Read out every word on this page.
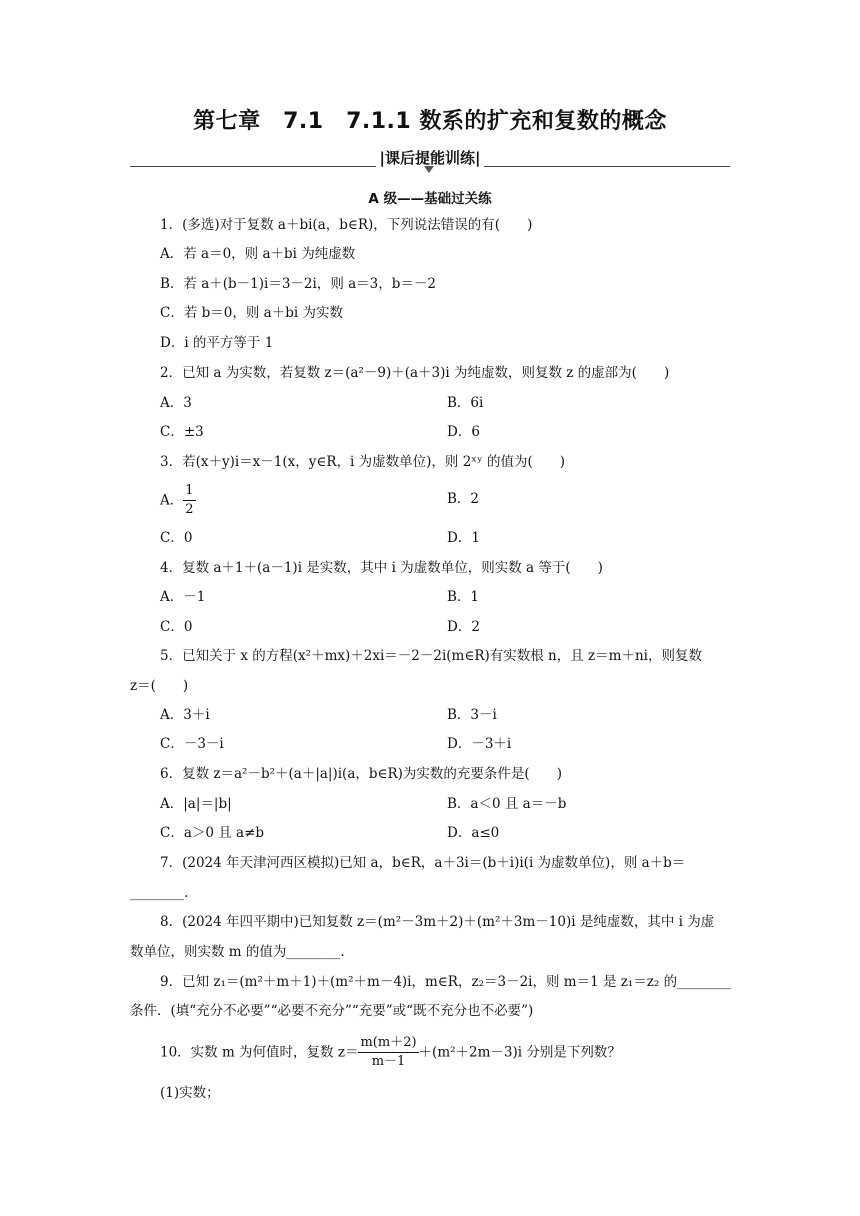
第七章　7.1　7.1.1 数系的扩充和复数的概念
|课后提能训练|
A 级——基础过关练
1．(多选)对于复数 a＋bi(a，b∈R)，下列说法错误的有(　　)
A．若 a＝0，则 a＋bi 为纯虚数
B．若 a＋(b－1)i＝3－2i，则 a＝3，b＝－2
C．若 b＝0，则 a＋bi 为实数
D．i 的平方等于 1
2．已知 a 为实数，若复数 z＝(a²－9)＋(a＋3)i 为纯虚数，则复数 z 的虚部为(　　)
A．3	B．6i
C．±3	D．6
3．若(x＋y)i＝x－1(x，y∈R，i 为虚数单位)，则 2ˣʸ 的值为(　　)
A． $\frac{1}{2}$	B．2
C．0	D．1
4．复数 a＋1＋(a－1)i 是实数，其中 i 为虚数单位，则实数 a 等于(　　)
A．－1	B．1
C．0	D．2
5．已知关于 x 的方程(x²＋mx)＋2xi＝－2－2i(m∈R)有实数根 n，且 z＝m＋ni，则复数
z＝(　　)
A．3＋i	B．3－i
C．－3－i	D．－3＋i
6．复数 z＝a²－b²＋(a＋|a|)i(a，b∈R)为实数的充要条件是(　　)
A．|a|＝|b|	B．a＜0 且 a＝－b
C．a＞0 且 a≠b	D．a≤0
7．(2024 年天津河西区模拟)已知 a，b∈R，a＋3i＝(b＋i)i(i 为虚数单位)，则 a＋b＝
________.
8．(2024 年四平期中)已知复数 z＝(m²－3m＋2)＋(m²＋3m－10)i 是纯虚数，其中 i 为虚
数单位，则实数 m 的值为________.
9．已知 z₁＝(m²＋m＋1)＋(m²＋m－4)i，m∈R，z₂＝3－2i，则 m＝1 是 z₁＝z₂ 的________
条件．(填“充分不必要”“必要不充分”“充要”或“既不充分也不必要”)
10．实数 m 为何值时，复数 $z= \frac{m(m+2)}{m-1} +(m^2+2m-3)i$ 分别是下列数？
(1)实数；
